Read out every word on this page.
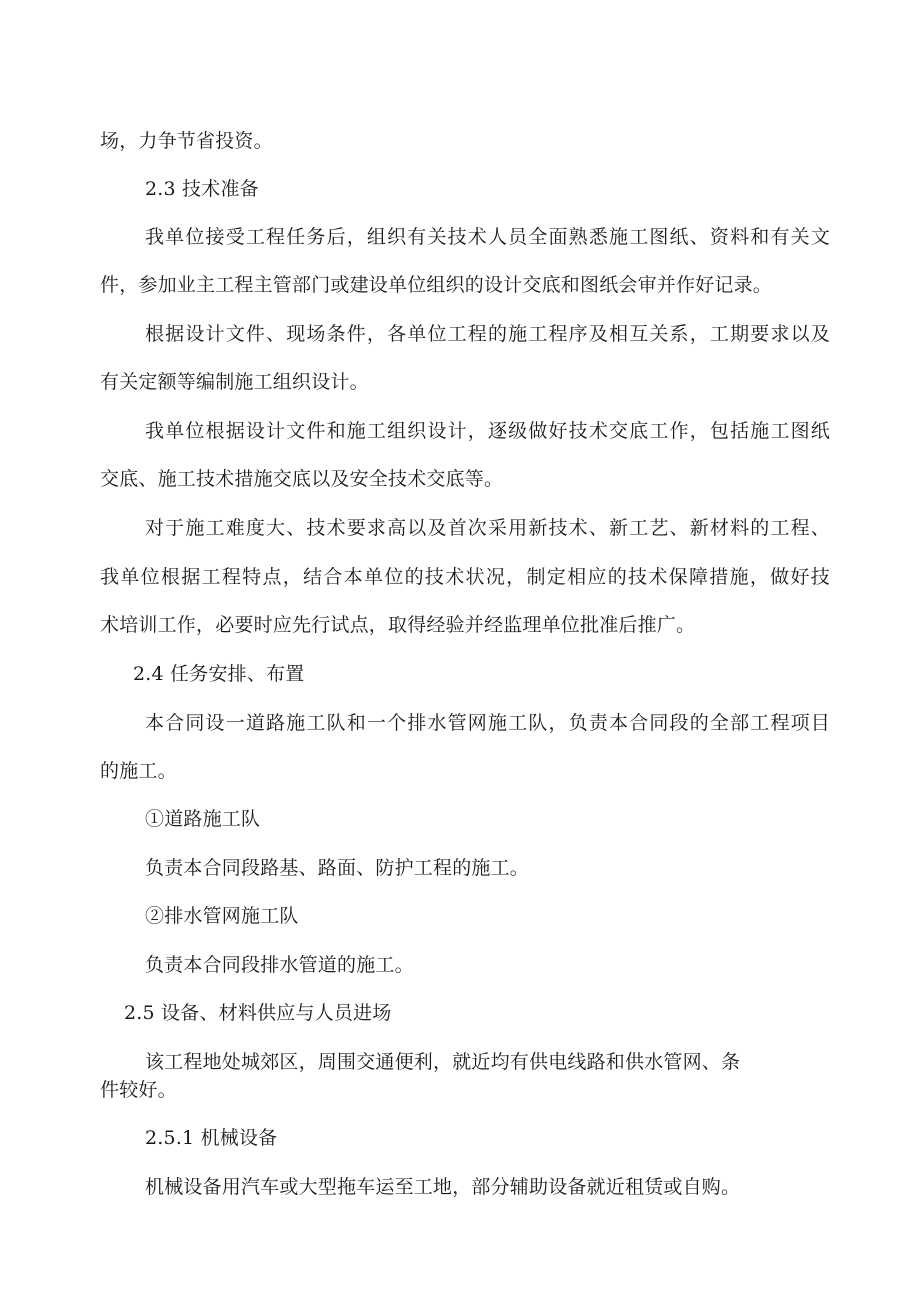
场，力争节省投资。

2.3 技术准备

我单位接受工程任务后，组织有关技术人员全面熟悉施工图纸、资料和有关文

件，参加业主工程主管部门或建设单位组织的设计交底和图纸会审并作好记录。

根据设计文件、现场条件，各单位工程的施工程序及相互关系，工期要求以及

有关定额等编制施工组织设计。

我单位根据设计文件和施工组织设计，逐级做好技术交底工作，包括施工图纸

交底、施工技术措施交底以及安全技术交底等。

对于施工难度大、技术要求高以及首次采用新技术、新工艺、新材料的工程、

我单位根据工程特点，结合本单位的技术状况，制定相应的技术保障措施，做好技

术培训工作，必要时应先行试点，取得经验并经监理单位批准后推广。

2.4 任务安排、布置

本合同设一道路施工队和一个排水管网施工队，负责本合同段的全部工程项目

的施工。

①道路施工队

负责本合同段路基、路面、防护工程的施工。

②排水管网施工队

负责本合同段排水管道的施工。

2.5 设备、材料供应与人员进场

该工程地处城郊区，周围交通便利，就近均有供电线路和供水管网、条

件较好。

2.5.1 机械设备

机械设备用汽车或大型拖车运至工地，部分辅助设备就近租赁或自购。
